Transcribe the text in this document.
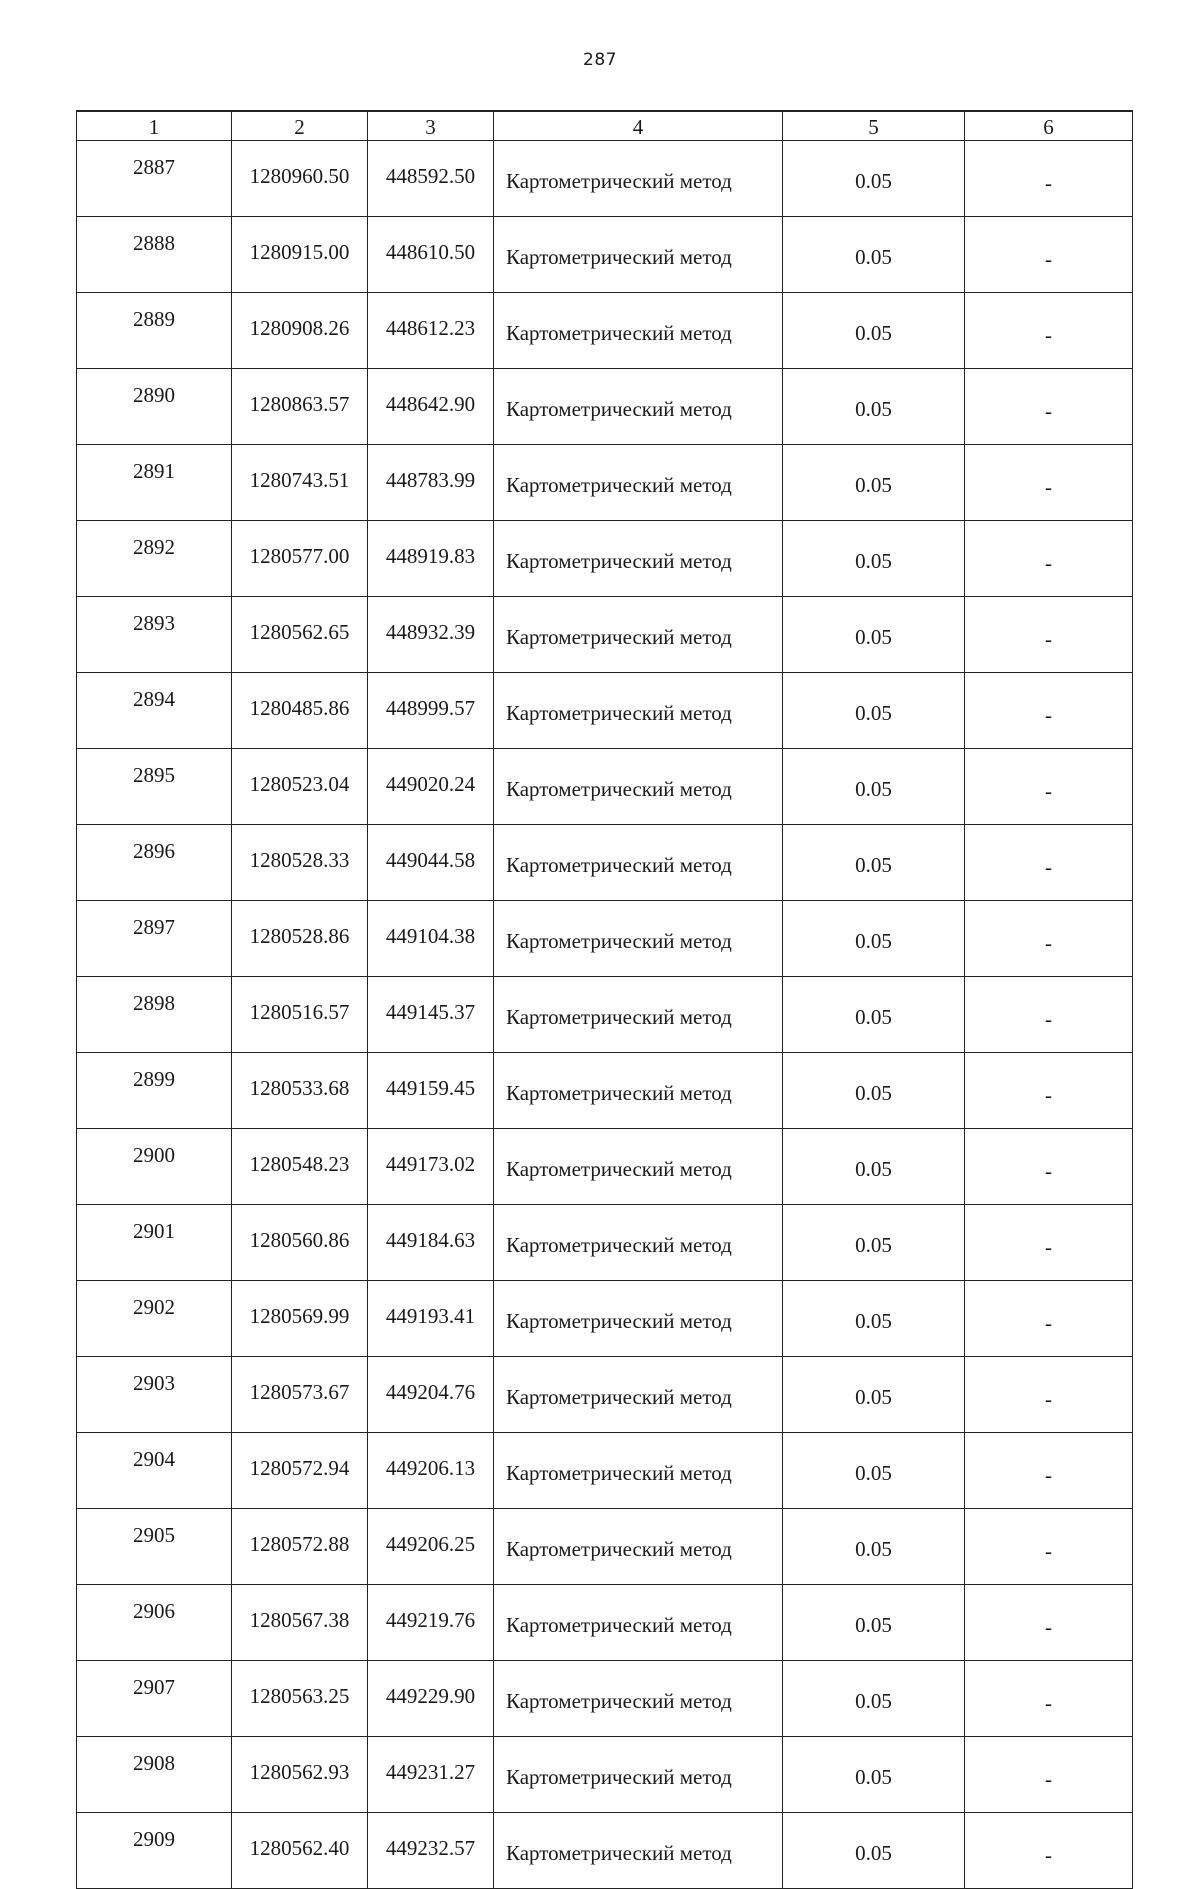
287
1	2	3	4	5	6
2887	1280960.50	448592.50	Картометрический метод	0.05	-
2888	1280915.00	448610.50	Картометрический метод	0.05	-
2889	1280908.26	448612.23	Картометрический метод	0.05	-
2890	1280863.57	448642.90	Картометрический метод	0.05	-
2891	1280743.51	448783.99	Картометрический метод	0.05	-
2892	1280577.00	448919.83	Картометрический метод	0.05	-
2893	1280562.65	448932.39	Картометрический метод	0.05	-
2894	1280485.86	448999.57	Картометрический метод	0.05	-
2895	1280523.04	449020.24	Картометрический метод	0.05	-
2896	1280528.33	449044.58	Картометрический метод	0.05	-
2897	1280528.86	449104.38	Картометрический метод	0.05	-
2898	1280516.57	449145.37	Картометрический метод	0.05	-
2899	1280533.68	449159.45	Картометрический метод	0.05	-
2900	1280548.23	449173.02	Картометрический метод	0.05	-
2901	1280560.86	449184.63	Картометрический метод	0.05	-
2902	1280569.99	449193.41	Картометрический метод	0.05	-
2903	1280573.67	449204.76	Картометрический метод	0.05	-
2904	1280572.94	449206.13	Картометрический метод	0.05	-
2905	1280572.88	449206.25	Картометрический метод	0.05	-
2906	1280567.38	449219.76	Картометрический метод	0.05	-
2907	1280563.25	449229.90	Картометрический метод	0.05	-
2908	1280562.93	449231.27	Картометрический метод	0.05	-
2909	1280562.40	449232.57	Картометрический метод	0.05	-
